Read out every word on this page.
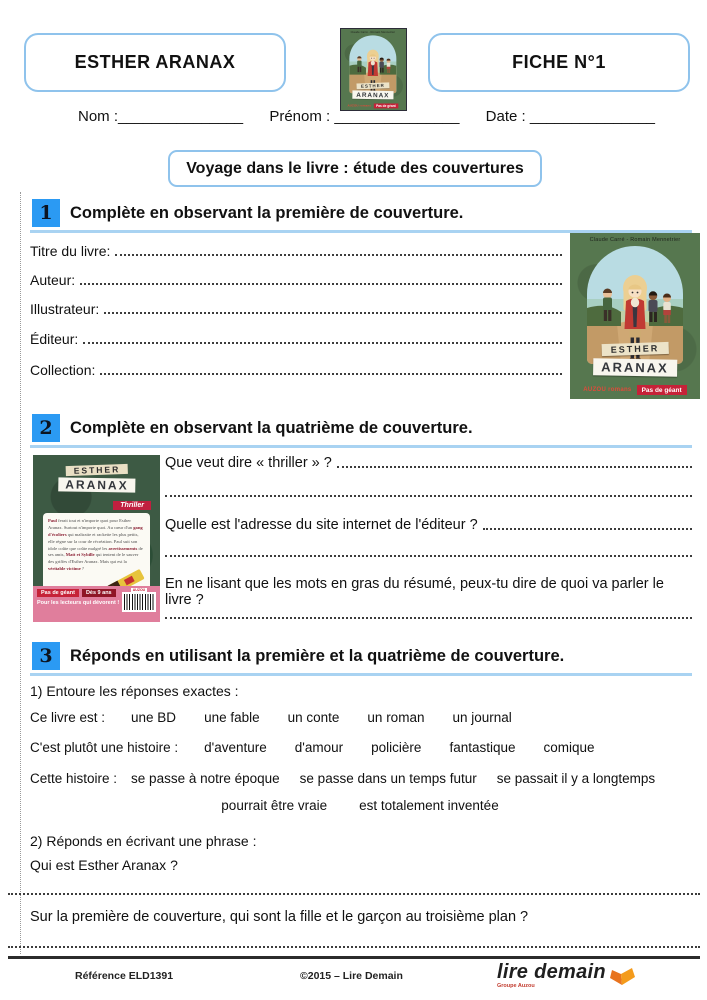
ESTHER ARANAX
Claude Carré - Romain Mennetrier
ESTHER
ARANAX
AUZOU romans Pas de géant
FICHE N°1
Nom :_______________ Prénom : _______________ Date : _______________
Voyage dans le livre : étude des couvertures
1 Complète en observant la première de couverture.
Titre du livre:
Auteur:
Illustrateur:
Éditeur:
Collection:
Claude Carré - Romain Mennetrier
ESTHER
ARANAX
AUZOU romans	Pas de géant
2 Complète en observant la quatrième de couverture.
ESTHER
ARANAX
Thriller
Paul ferait tout et n'importe quoi pour Esther Aranax. Surtout n'importe quoi. Au cœur d'un gang d'écoliers qui maltraite et rackette les plus petits, elle règne sur la cour de récréation. Paul suit son idole coûte que coûte malgré les avertissements de ses amis, Matt et Sybille qui tentent de le sauver des griffes d'Esther Aranax. Mais qui est la véritable victime ?
Pas de géant	Dès 9 ans
Pour les lecteurs qui dévorent !
AUZOU
Que veut dire « thriller » ?
Quelle est l'adresse du site internet de l'éditeur ?
En ne lisant que les mots en gras du résumé, peux-tu dire de quoi va parler le livre ?
3 Réponds en utilisant la première et la quatrième de couverture.
1) Entoure les réponses exactes :
Ce livre est : une BD une fable un conte un roman un journal
C'est plutôt une histoire : d'aventure d'amour policière fantastique comique
Cette histoire : se passe à notre époque se passe dans un temps futur se passait il y a longtemps
pourrait être vraie est totalement inventée
2) Réponds en écrivant une phrase :
Qui est Esther Aranax ?
Sur la première de couverture, qui sont la fille et le garçon au troisième plan ?
Référence ELD1391	©2015 – Lire Demain	lire demain
Groupe Auzou
